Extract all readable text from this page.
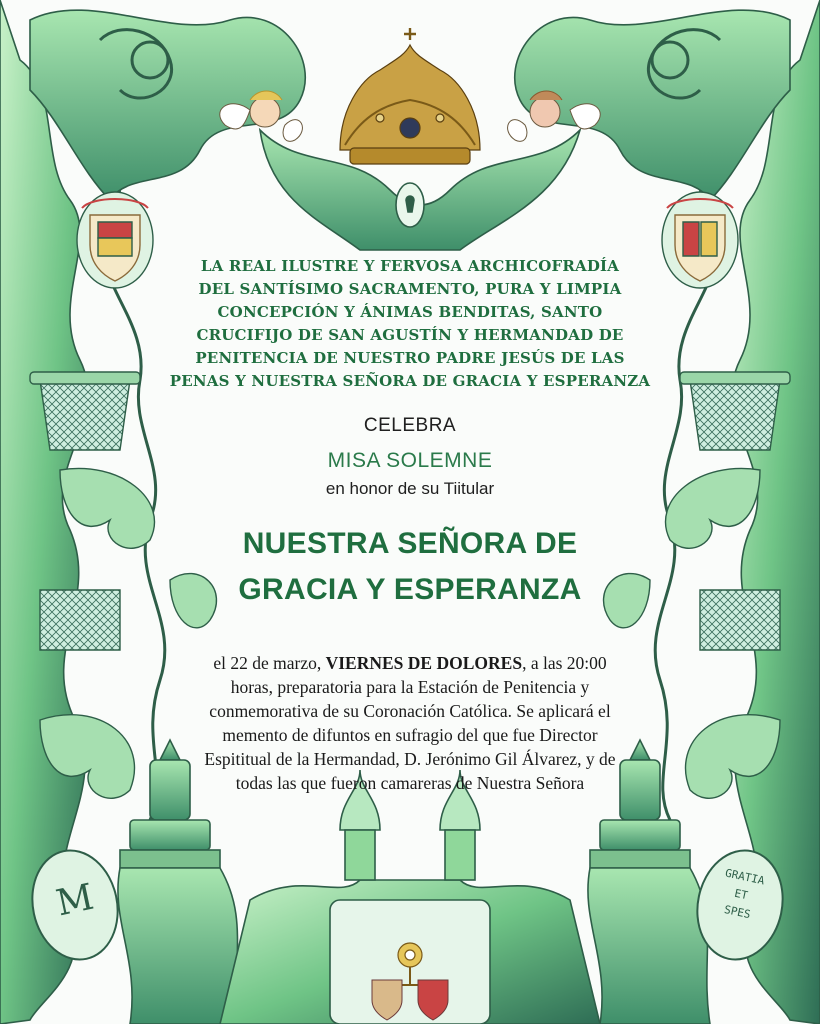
M	GRATIA
ET
SPES
LA REAL ILUSTRE Y FERVOSA ARCHICOFRADÍA
DEL SANTÍSIMO SACRAMENTO, PURA Y LIMPIA
CONCEPCIÓN Y ÁNIMAS BENDITAS, SANTO
CRUCIFIJO DE SAN AGUSTÍN Y HERMANDAD DE
PENITENCIA DE NUESTRO PADRE JESÚS DE LAS
PENAS Y NUESTRA SEÑORA DE GRACIA Y ESPERANZA
CELEBRA
MISA SOLEMNE
en honor de su Tiitular
NUESTRA SEÑORA DE
GRACIA Y ESPERANZA
el 22 de marzo, VIERNES DE DOLORES, a las 20:00
horas, preparatoria para la Estación de Penitencia y
conmemorativa de su Coronación Católica. Se aplicará el
memento de difuntos en sufragio del que fue Director
Espititual de la Hermandad, D. Jerónimo Gil Álvarez, y de
todas las que fueron camareras de Nuestra Señora
